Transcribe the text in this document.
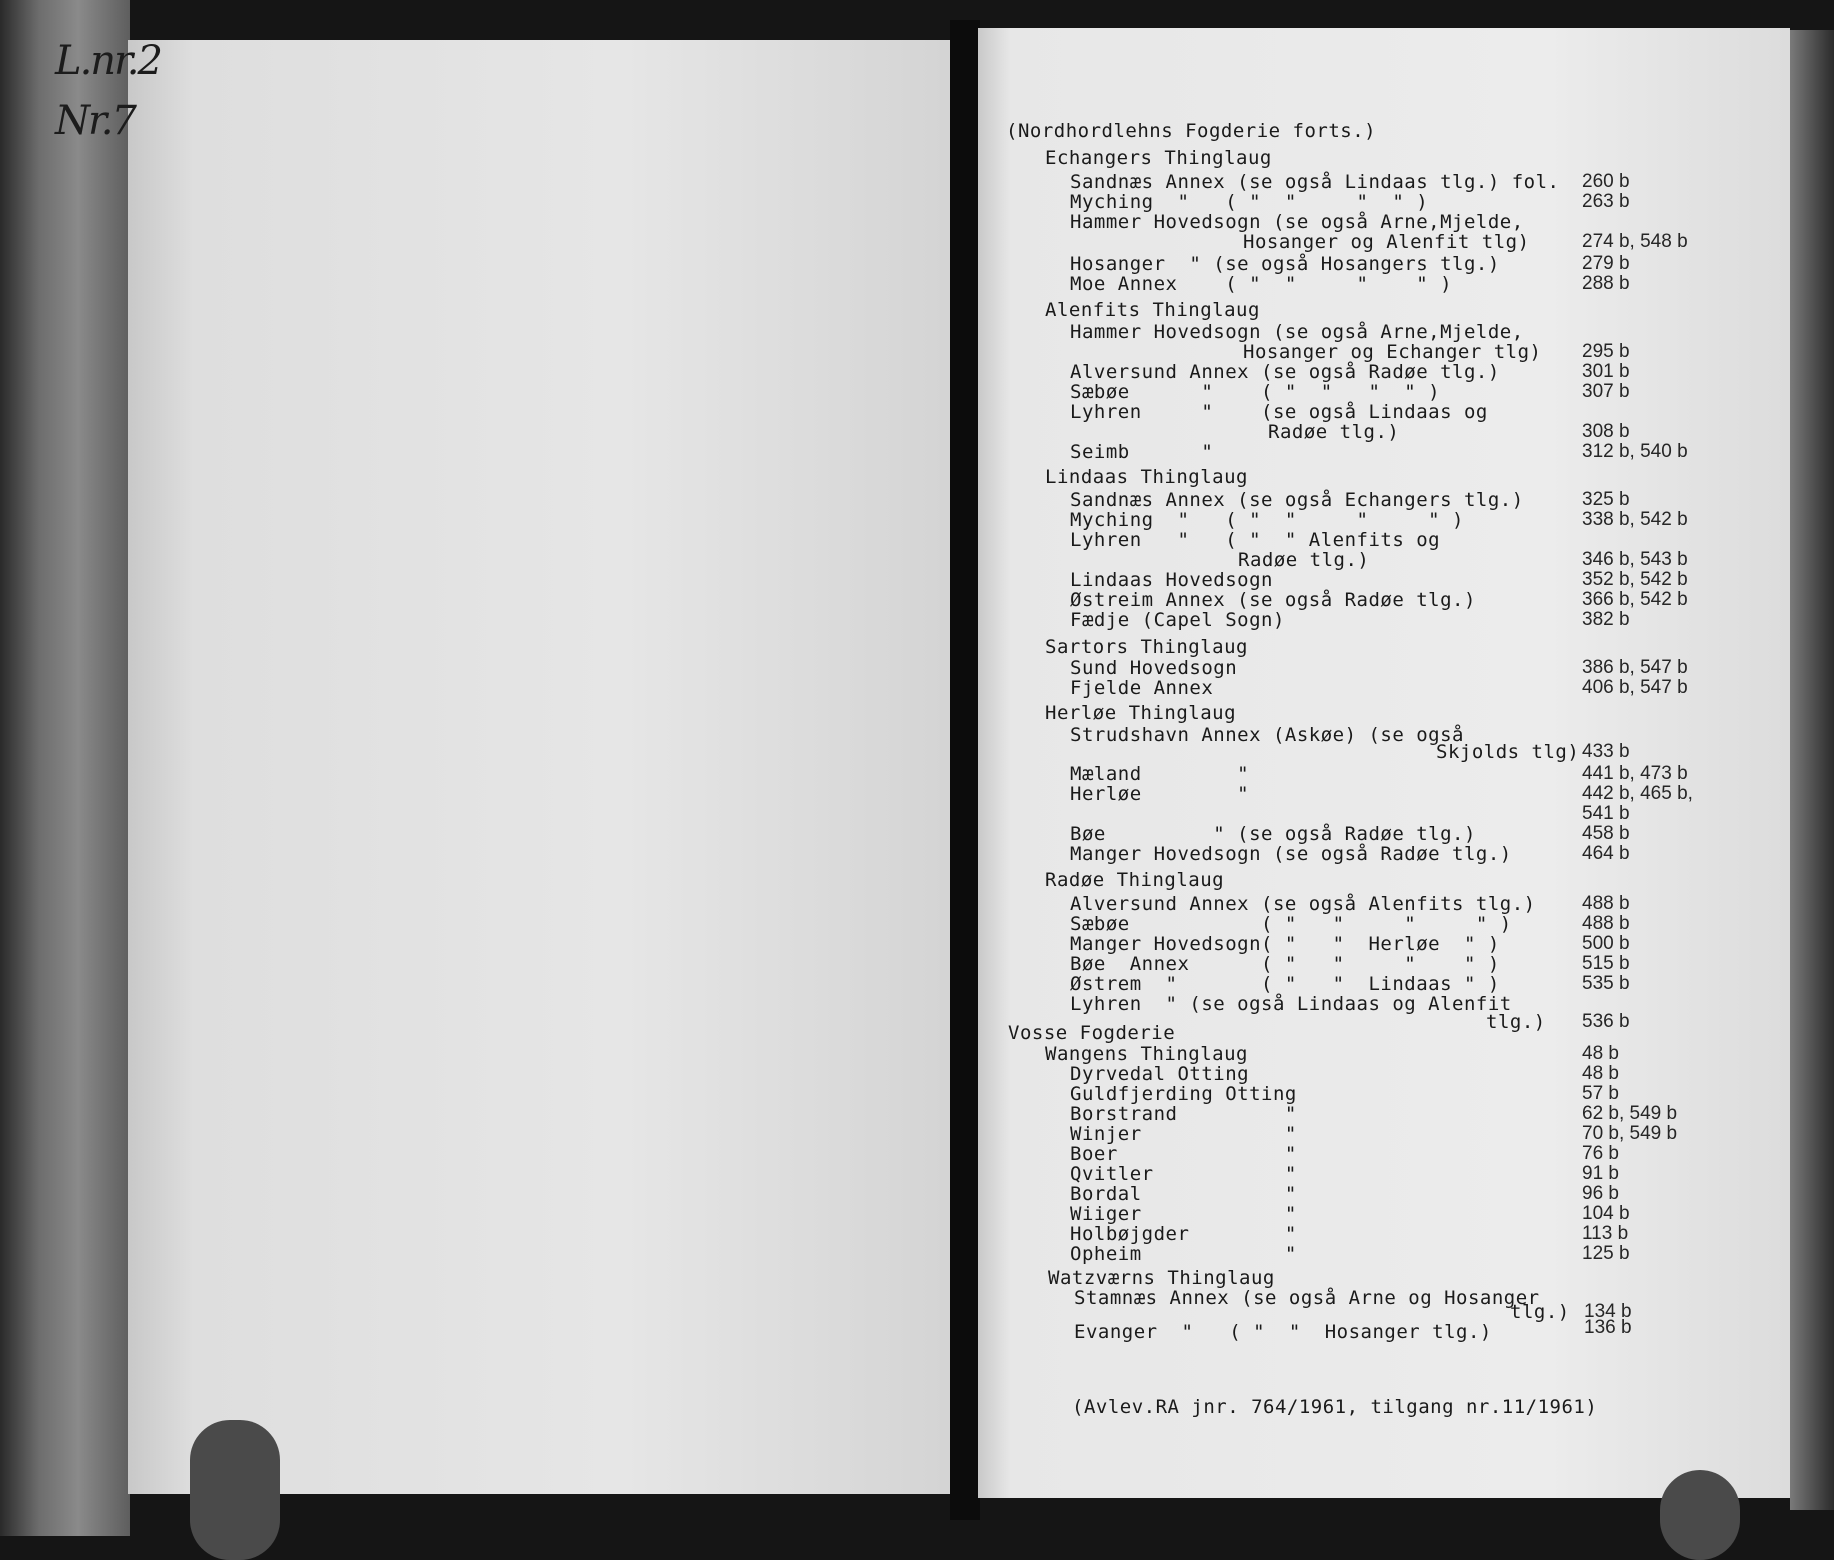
L.nr.2
Nr.7	(Nordhordlehns Fogderie forts.)
Echangers Thinglaug
Sandnæs Annex (se også Lindaas tlg.) fol. 260 b
Myching  "   ( "  "     "  " )	263 b
Hammer Hovedsogn (se også Arne,Mjelde,
Hosanger og Alenfit tlg)	274 b, 548 b
Hosanger  " (se også Hosangers tlg.)	279 b
Moe Annex    ( "  "     "    " )	288 b
Alenfits Thinglaug
Hammer Hovedsogn (se også Arne,Mjelde,
Hosanger og Echanger tlg) 295 b
Alversund Annex (se også Radøe tlg.)	301 b
Sæbøe      "    ( "  "   "  " )	307 b
Lyhren     "    (se også Lindaas og
Radøe tlg.)	308 b
Seimb      "	312 b, 540 b
Lindaas Thinglaug
Sandnæs Annex (se også Echangers tlg.)	325 b
Myching  "   ( "  "     "     " )	338 b, 542 b
Lyhren   "   ( "  " Alenfits og
Radøe tlg.)	346 b, 543 b
Lindaas Hovedsogn	352 b, 542 b
Østreim Annex (se også Radøe tlg.)	366 b, 542 b
Fædje (Capel Sogn)	382 b
Sartors Thinglaug
Sund Hovedsogn	386 b, 547 b
Fjelde Annex	406 b, 547 b
Herløe Thinglaug
Strudshavn Annex (Askøe) (se også
Skjolds tlg) 433 b
Mæland        "	441 b, 473 b
Herløe        "	442 b, 465 b,
541 b
Bøe         " (se også Radøe tlg.)	458 b
Manger Hovedsogn (se også Radøe tlg.)	464 b
Radøe Thinglaug
Alversund Annex (se også Alenfits tlg.) 488 b
Sæbøe           ( "   "     "     " )	488 b
Manger Hovedsogn( "   "  Herløe  " )	500 b
Bøe  Annex      ( "   "     "    " )	515 b
Østrem  "       ( "   "  Lindaas " )	535 b
Lyhren  " (se også Lindaas og Alenfit
tlg.) 536 b
Vosse Fogderie
Wangens Thinglaug	48 b
Dyrvedal Otting	48 b
Guldfjerding Otting	57 b
Borstrand         "	62 b, 549 b
Winjer            "	70 b, 549 b
Boer              "	76 b
Qvitler           "	91 b
Bordal            "	96 b
Wiiger            "	104 b
Holbøjgder        "	113 b
Opheim            "	125 b
Watzværns Thinglaug
Stamnæs Annex (se også Arne og Hosanger
tlg.) 134 b
Evanger  "   ( "  "  Hosanger tlg.)	136 b
(Avlev.RA jnr. 764/1961, tilgang nr.11/1961)
